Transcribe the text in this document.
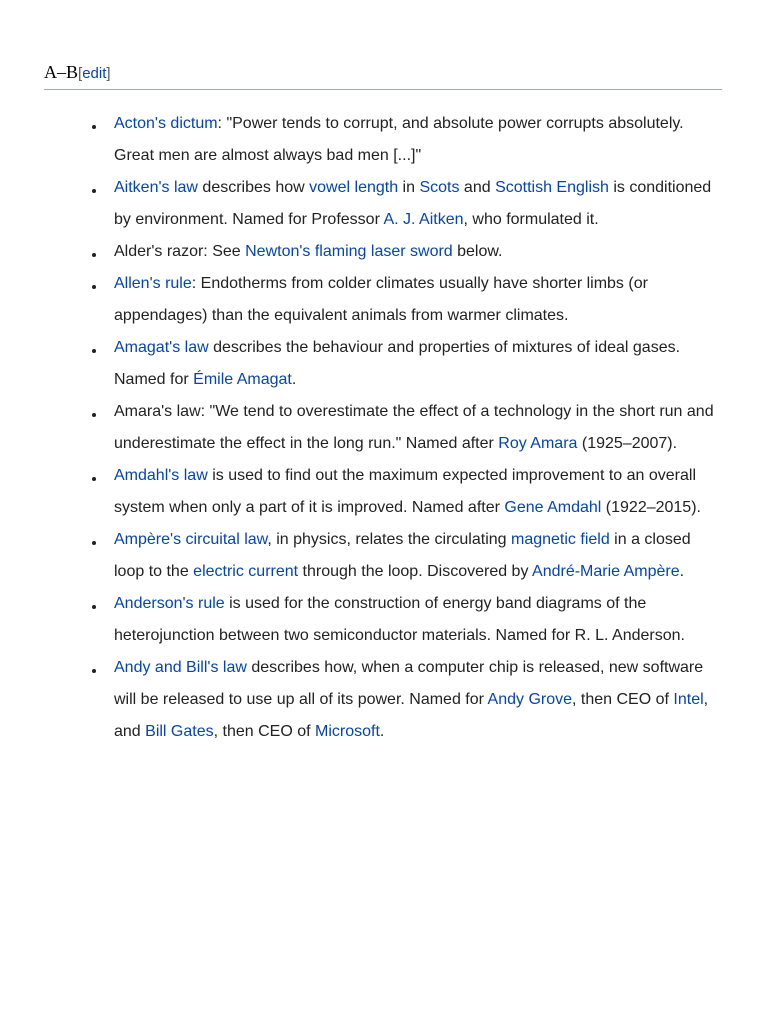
A–B[edit]
Acton's dictum: "Power tends to corrupt, and absolute power corrupts absolutely. Great men are almost always bad men [...]"
Aitken's law describes how vowel length in Scots and Scottish English is conditioned by environment. Named for Professor A. J. Aitken, who formulated it.
Alder's razor: See Newton's flaming laser sword below.
Allen's rule: Endotherms from colder climates usually have shorter limbs (or appendages) than the equivalent animals from warmer climates.
Amagat's law describes the behaviour and properties of mixtures of ideal gases. Named for Émile Amagat.
Amara's law: "We tend to overestimate the effect of a technology in the short run and underestimate the effect in the long run." Named after Roy Amara (1925–2007).
Amdahl's law is used to find out the maximum expected improvement to an overall system when only a part of it is improved. Named after Gene Amdahl (1922–2015).
Ampère's circuital law, in physics, relates the circulating magnetic field in a closed loop to the electric current through the loop. Discovered by André-Marie Ampère.
Anderson's rule is used for the construction of energy band diagrams of the heterojunction between two semiconductor materials. Named for R. L. Anderson.
Andy and Bill's law describes how, when a computer chip is released, new software will be released to use up all of its power. Named for Andy Grove, then CEO of Intel, and Bill Gates, then CEO of Microsoft.
